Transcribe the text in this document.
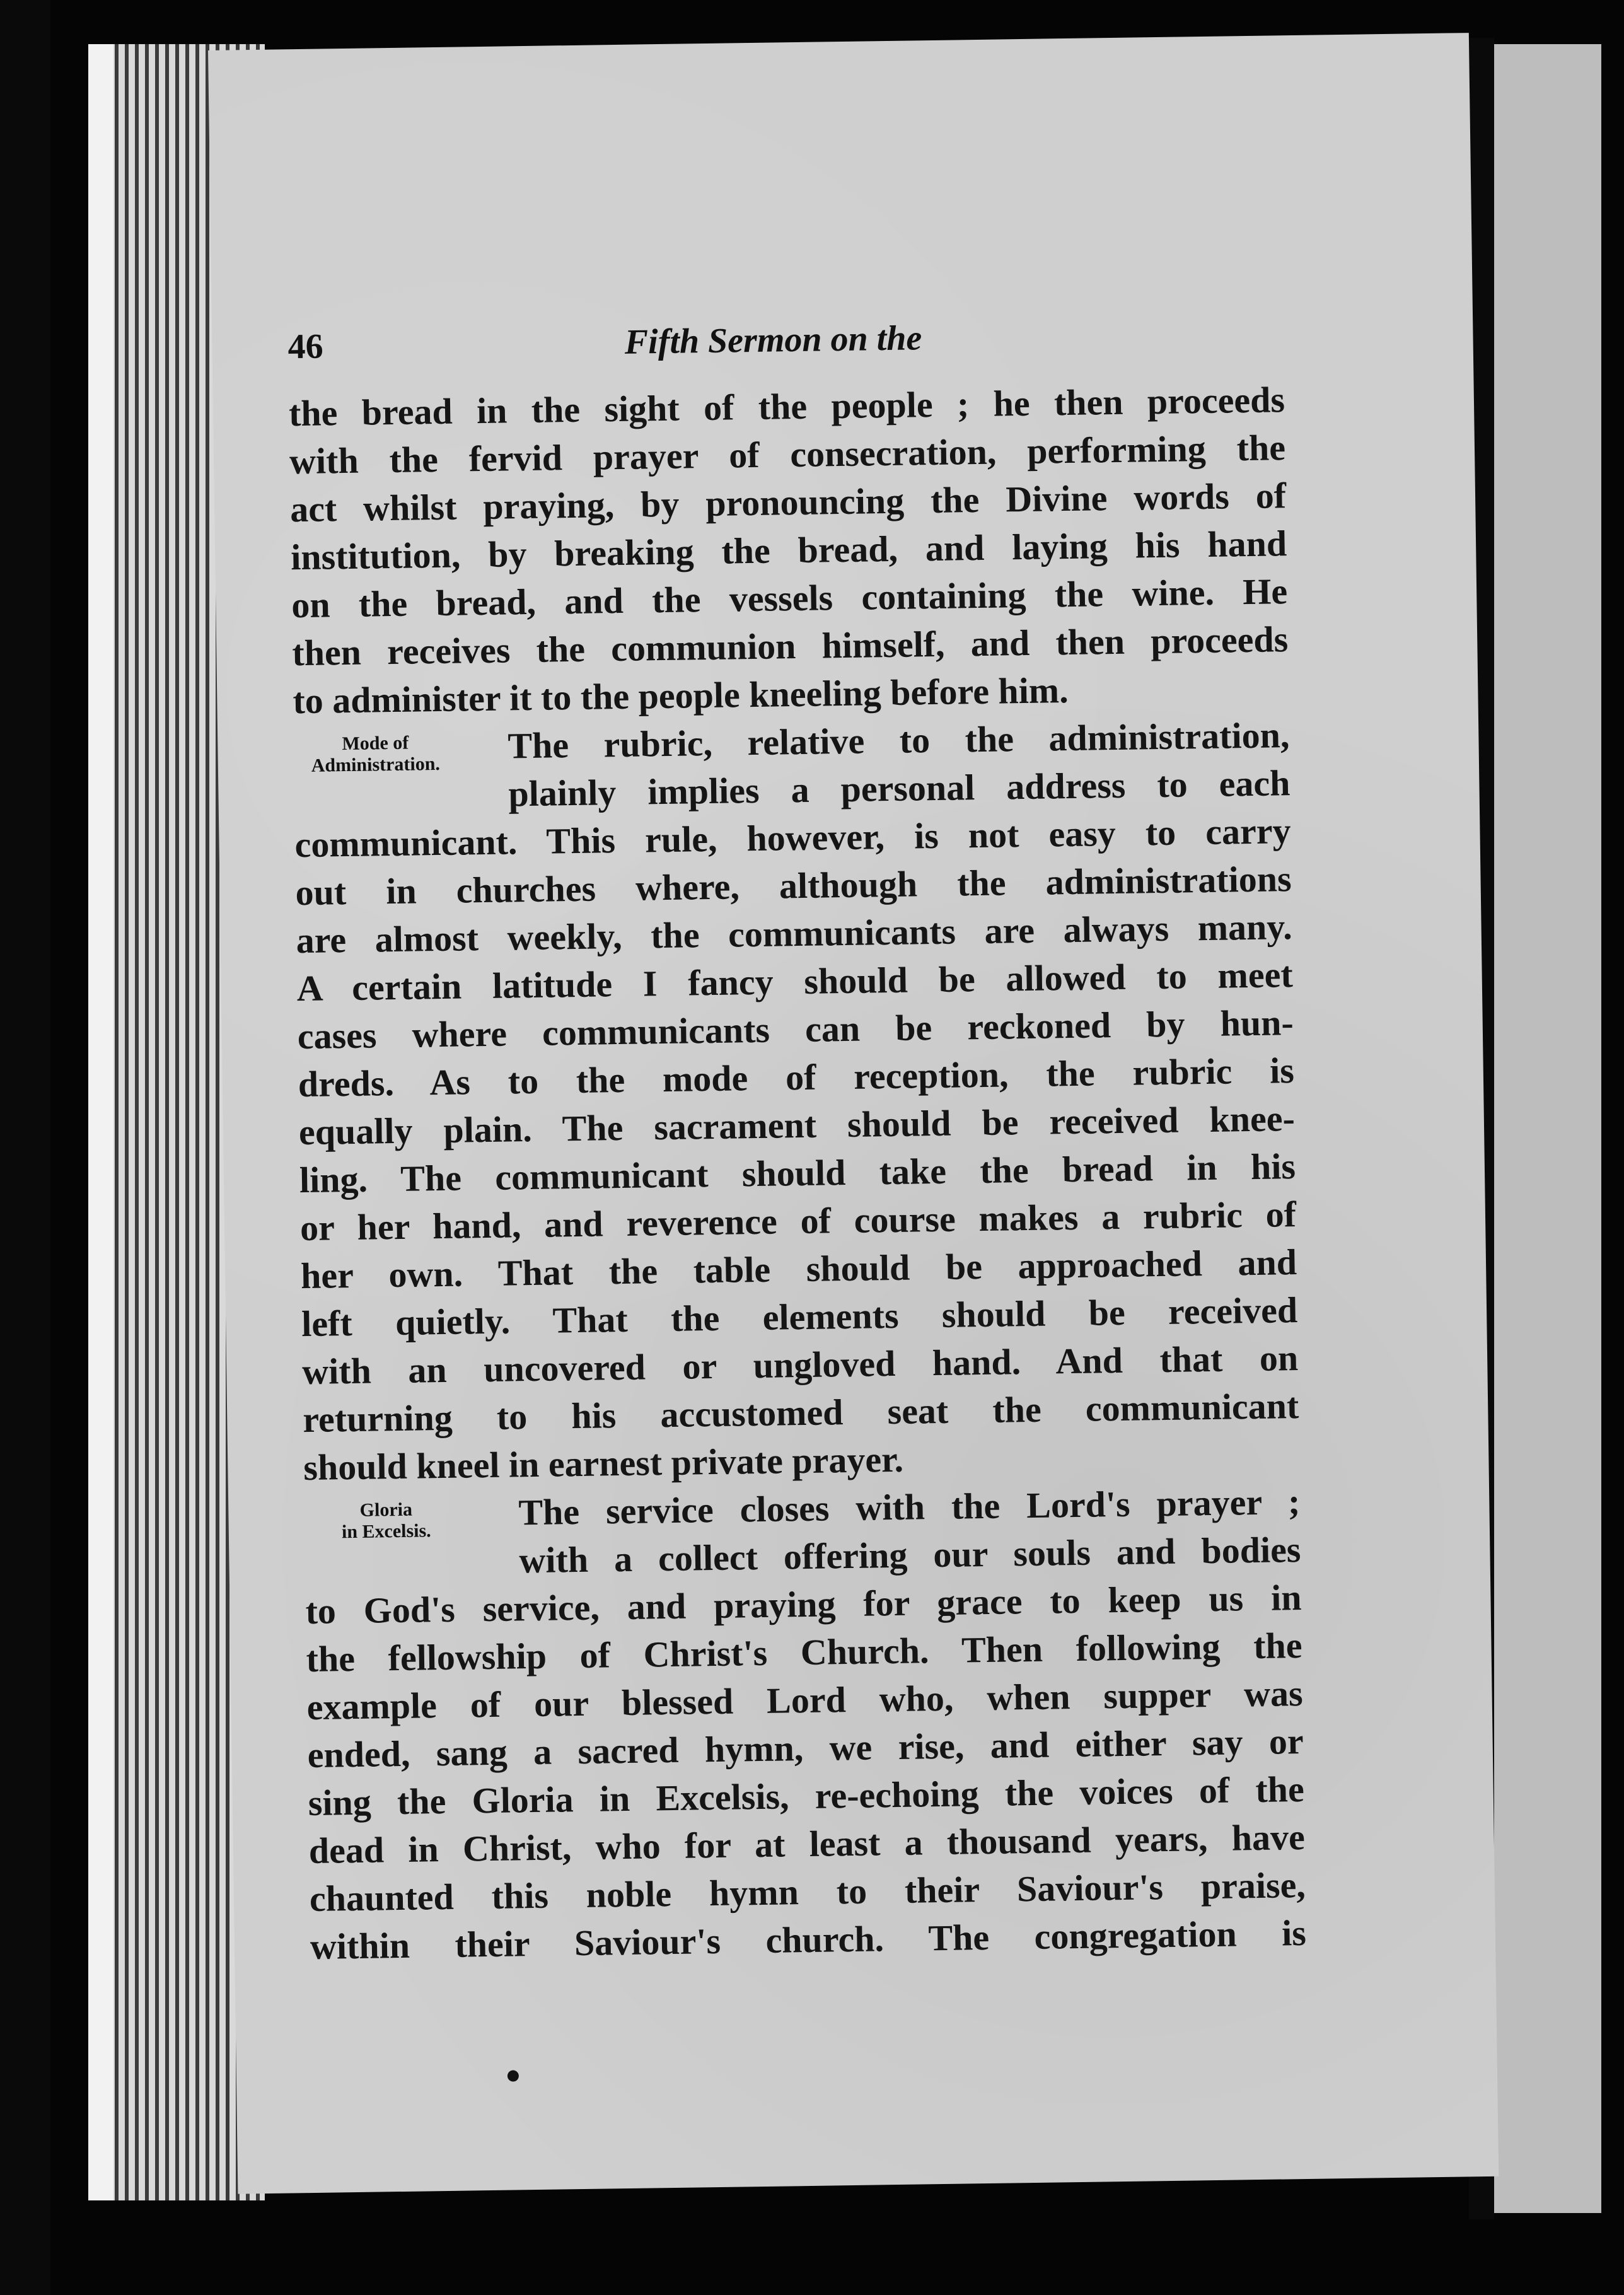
46	Fifth Sermon on the
the bread in the sight of the people ; he then proceeds
with the fervid prayer of consecration, performing the
act whilst praying, by pronouncing the Divine words of
institution, by breaking the bread, and laying his hand
on the bread, and the vessels containing the wine. He
then receives the communion himself, and then proceeds
to administer it to the people kneeling before him.
Mode of
Administration.	The rubric, relative to the administration,
plainly implies a personal address to each
communicant. This rule, however, is not easy to carry
out in churches where, although the administrations
are almost weekly, the communicants are always many.
A certain latitude I fancy should be allowed to meet
cases where communicants can be reckoned by hun-
dreds. As to the mode of reception, the rubric is
equally plain. The sacrament should be received knee-
ling. The communicant should take the bread in his
or her hand, and reverence of course makes a rubric of
her own. That the table should be approached and
left quietly. That the elements should be received
with an uncovered or ungloved hand. And that on
returning to his accustomed seat the communicant
should kneel in earnest private prayer.
Gloria
in Excelsis.	The service closes with the Lord's prayer ;
with a collect offering our souls and bodies
to God's service, and praying for grace to keep us in
the fellowship of Christ's Church. Then following the
example of our blessed Lord who, when supper was
ended, sang a sacred hymn, we rise, and either say or
sing the Gloria in Excelsis, re-echoing the voices of the
dead in Christ, who for at least a thousand years, have
chaunted this noble hymn to their Saviour's praise,
within their Saviour's church. The congregation is
